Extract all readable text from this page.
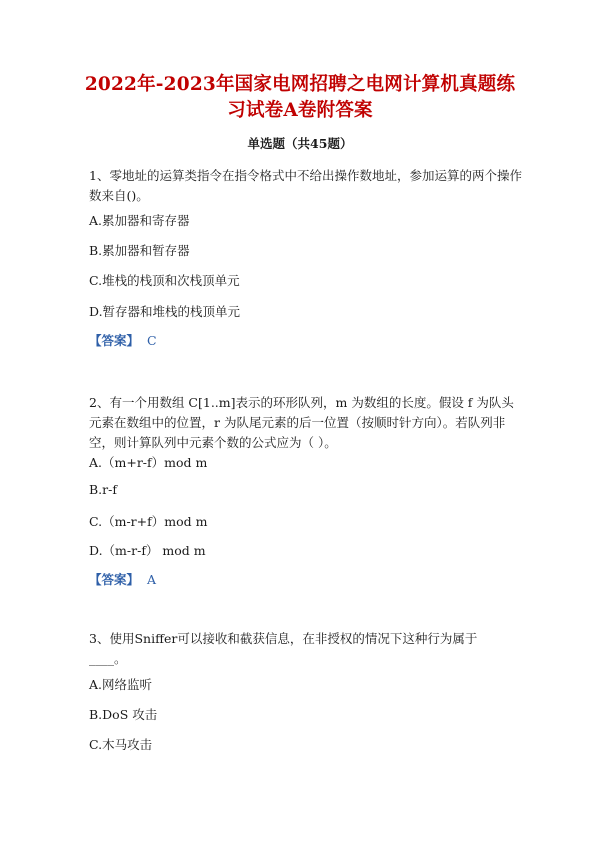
2022年-2023年国家电网招聘之电网计算机真题练
习试卷A卷附答案
单选题（共45题）
1、零地址的运算类指令在指令格式中不给出操作数地址，参加运算的两个操作
数来自()。
A.累加器和寄存器
B.累加器和暂存器
C.堆栈的栈顶和次栈顶单元
D.暂存器和堆栈的栈顶单元
【答案】 C
2、有一个用数组 C[1..m]表示的环形队列，m 为数组的长度。假设 f 为队头
元素在数组中的位置，r 为队尾元素的后一位置（按顺时针方向）。若队列非
空，则计算队列中元素个数的公式应为（ ）。
A.（m+r-f）mod m
B.r-f
C.（m-r+f）mod m
D.（m-r-f） mod m
【答案】 A
3、使用Sniffer可以接收和截获信息，在非授权的情况下这种行为属于
____。
A.网络监听
B.DoS 攻击
C.木马攻击
